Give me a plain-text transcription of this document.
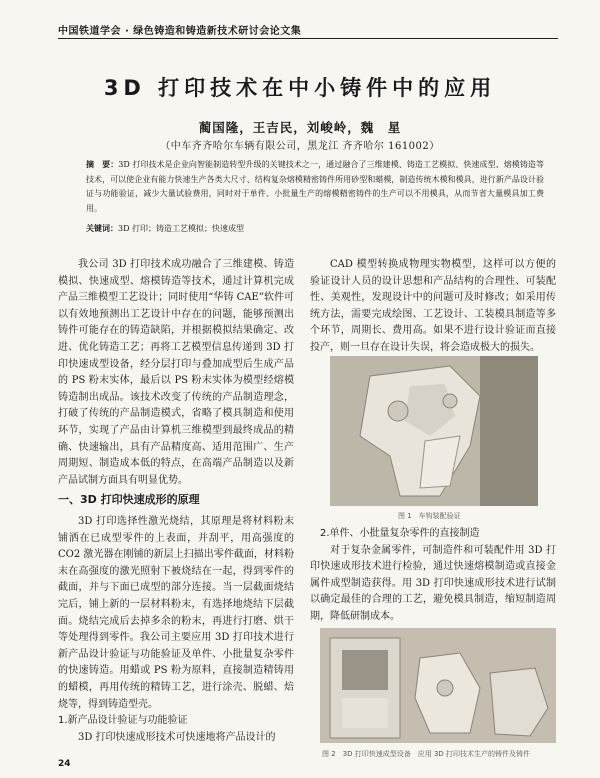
中国铁道学会 · 绿色铸造和铸造新技术研讨会论文集
3D 打印技术在中小铸件中的应用
蔺国隆，王吉民，刘峻岭，魏　星
（中车齐齐哈尔车辆有限公司，黑龙江 齐齐哈尔 161002）
摘　要：3D 打印技术是企业向智能制造转型升级的关键技术之一，通过融合了三维建模、铸造工艺模拟、快速成型、熔模铸造等技术，可以使企业有能力快速生产各类大尺寸、结构复杂熔模精密铸件所用砂型和蜡模，制造传统木模和模具，进行新产品设计验证与功能验证，减少大量试验费用，同时对于单件、小批量生产的熔模精密铸件的生产可以不用模具，从而节省大量模具加工费用。
关键词：3D 打印；铸造工艺模拟；快速成型

我公司 3D 打印技术成功融合了三维建模、铸造模拟、快速成型、熔模铸造等技术，通过计算机完成产品三维模型工艺设计；同时使用“华铸 CAE”软件可以有效地预测出工艺设计中存在的问题，能够预测出铸件可能存在的铸造缺陷，并根据模拟结果确定、改进、优化铸造工艺；再将工艺模型信息传递到 3D 打印快速成型设备，经分层打印与叠加成型后生成产品的 PS 粉末实体，最后以 PS 粉末实体为模型经熔模铸造制出成品。该技术改变了传统的产品制造理念，打破了传统的产品制造模式，省略了模具制造和使用环节，实现了产品由计算机三维模型到最终成品的精确、快速输出，具有产品精度高、适用范围广、生产周期短、制造成本低的特点，在高端产品制造以及新产品试制方面具有明显优势。

一、3D 打印快速成形的原理

3D 打印选择性激光烧结，其原理是将材料粉末铺洒在已成型零件的上表面，并刮平，用高强度的 CO2 激光器在刚铺的新层上扫描出零件截面，材料粉末在高强度的激光照射下被烧结在一起，得到零件的截面，并与下面已成型的部分连接。当一层截面烧结完后，铺上新的一层材料粉末，有选择地烧结下层截面。烧结完成后去掉多余的粉末，再进行打磨、烘干等处理得到零件。我公司主要应用 3D 打印技术进行新产品设计验证与功能验证及单件、小批量复杂零件的快速铸造。用蜡或 PS 粉为原料，直接制造精铸用的蜡模，再用传统的精铸工艺，进行涂壳、脱蜡、焙烧等，得到铸造型壳。

1.新产品设计验证与功能验证

3D 打印快速成形技术可快速地将产品设计的

CAD 模型转换成物理实物模型，这样可以方便的验证设计人员的设计思想和产品结构的合理性、可装配性、美观性，发现设计中的问题可及时修改；如采用传统方法，需要完成绘图、工艺设计、工装模具制造等多个环节，周期长、费用高。如果不进行设计验证而直接投产，则一旦存在设计失误，将会造成极大的损失。

图 1　车钩装配验证

2.单件、小批量复杂零件的直接制造

对于复杂金属零件，可制造件和可装配件用 3D 打印快速成形技术进行检验，通过快速熔模制造或直接金属件成型制造获得。用 3D 打印快速成形技术进行试制以确定最佳的合理的工艺，避免模具制造，缩短制造周期，降低研制成本。

图 2　3D 打印快速成型设备　应用 3D 打印技术生产的铸件及铸件
24
